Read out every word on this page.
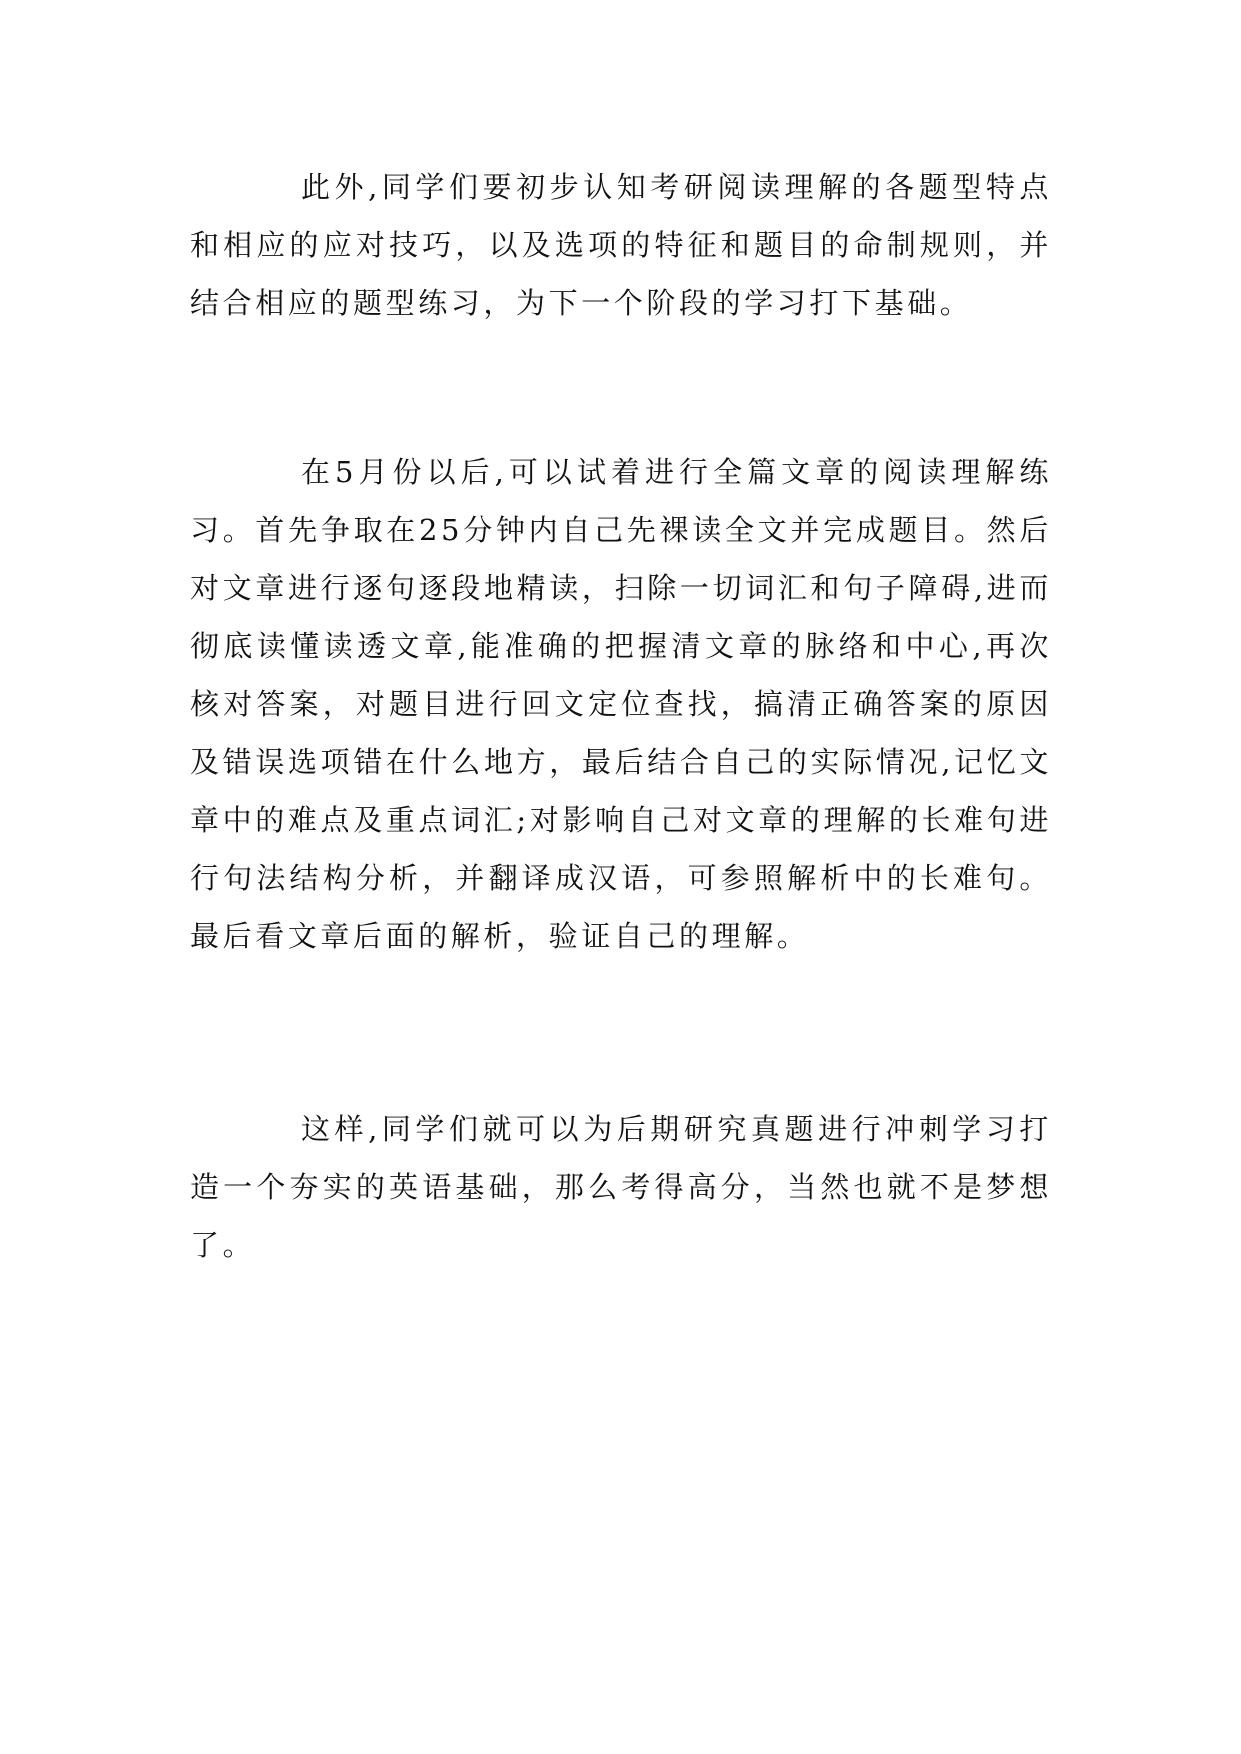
此外,同学们要初步认知考研阅读理解的各题型特点和相应的应对技巧，以及选项的特征和题目的命制规则，并结合相应的题型练习，为下一个阶段的学习打下基础。

在5月份以后,可以试着进行全篇文章的阅读理解练习。首先争取在25分钟内自己先裸读全文并完成题目。然后对文章进行逐句逐段地精读，扫除一切词汇和句子障碍,进而彻底读懂读透文章,能准确的把握清文章的脉络和中心,再次核对答案，对题目进行回文定位查找，搞清正确答案的原因及错误选项错在什么地方，最后结合自己的实际情况,记忆文章中的难点及重点词汇;对影响自己对文章的理解的长难句进行句法结构分析，并翻译成汉语，可参照解析中的长难句。最后看文章后面的解析，验证自己的理解。

这样,同学们就可以为后期研究真题进行冲刺学习打造一个夯实的英语基础，那么考得高分，当然也就不是梦想了。
